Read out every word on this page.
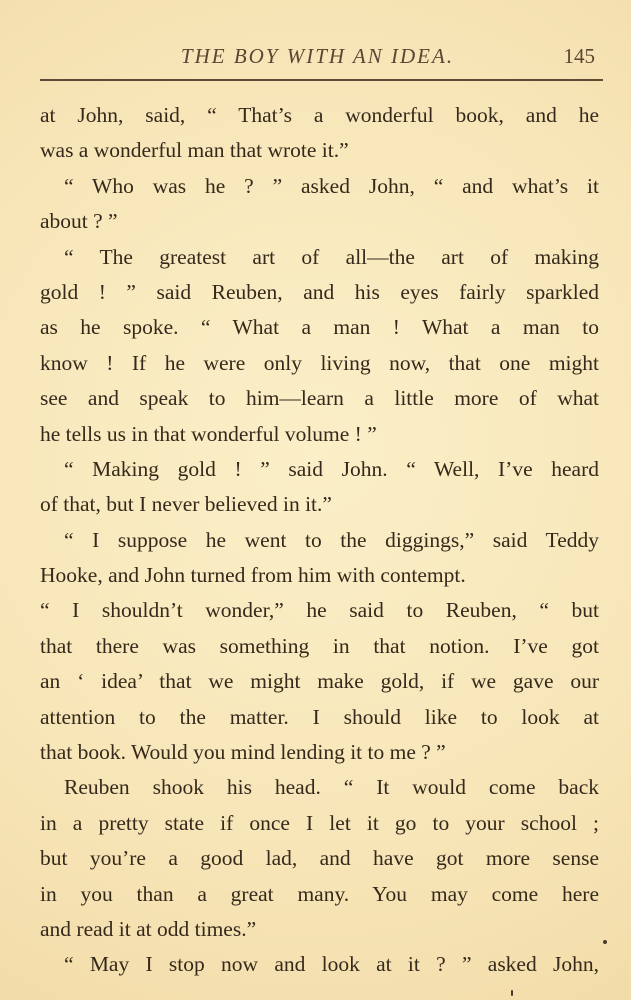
THE BOY WITH AN IDEA.	145
at John, said, “ That’s a wonderful book, and he
was a wonderful man that wrote it.”
“ Who was he ? ” asked John, “ and what’s it
about ? ”
“ The greatest art of all—the art of making
gold ! ” said Reuben, and his eyes fairly sparkled
as he spoke. “ What a man ! What a man to
know ! If he were only living now, that one might
see and speak to him—learn a little more of what
he tells us in that wonderful volume ! ”
“ Making gold ! ” said John. “ Well, I’ve heard
of that, but I never believed in it.”
“ I suppose he went to the diggings,” said Teddy
Hooke, and John turned from him with contempt.
“ I shouldn’t wonder,” he said to Reuben, “ but
that there was something in that notion. I’ve got
an ‘ idea’ that we might make gold, if we gave our
attention to the matter. I should like to look at
that book. Would you mind lending it to me ? ”
Reuben shook his head. “ It would come back
in a pretty state if once I let it go to your school ;
but you’re a good lad, and have got more sense
in you than a great many. You may come here
and read it at odd times.”
“ May I stop now and look at it ? ” asked John,
